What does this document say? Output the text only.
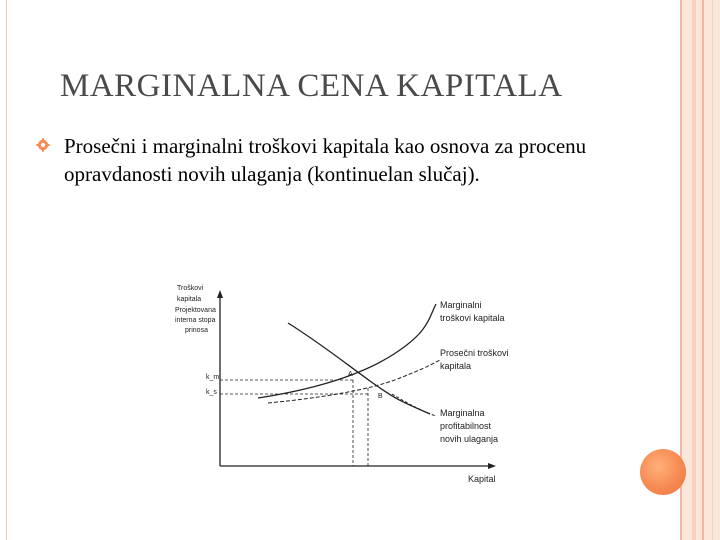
MARGINALNA CENA KAPITALA
Prosečni i marginalni troškovi kapitala kao osnova za procenu opravdanosti novih ulaganja (kontinuelan slučaj).
Troškovi
kapitala
Projektovana
interna stopa
prinosa
Kapital
k_m
k_s
A
B
Marginalni
troškovi kapitala
Prosečni troškovi
kapitala
Marginalna
profitabilnost
novih ulaganja
